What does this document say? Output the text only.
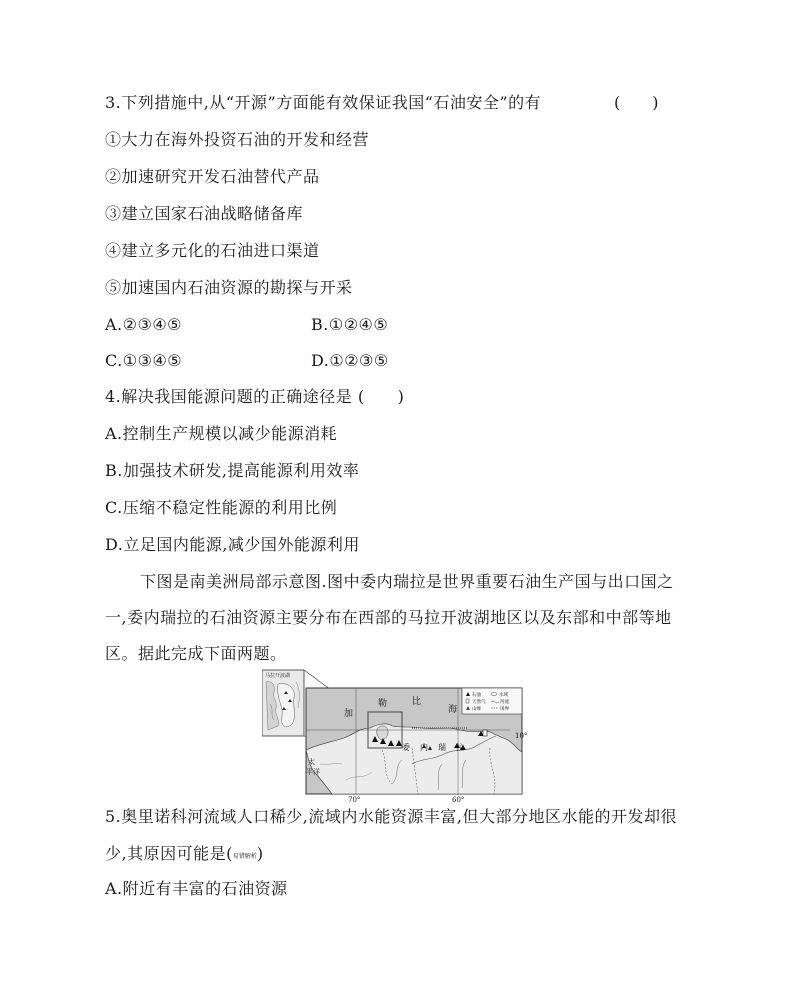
3.下列措施中,从“开源”方面能有效保证我国“石油安全”的有	(　　)
①大力在海外投资石油的开发和经营
②加速研究开发石油替代产品
③建立国家石油战略储备库
④建立多元化的石油进口渠道
⑤加速国内石油资源的勘探与开采
A.②③④⑤	B.①②④⑤
C.①③④⑤	D.①②③⑤
4.解决我国能源问题的正确途径是 (　　)
A.控制生产规模以减少能源消耗
B.加强技术研发,提高能源利用效率
C.压缩不稳定性能源的利用比例
D.立足国内能源,减少国外能源利用
下图是南美洲局部示意图.图中委内瑞拉是世界重要石油生产国与出口国之
一,委内瑞拉的石油资源主要分布在西部的马拉开波湖地区以及东部和中部等地
区。据此完成下面两题。
马拉开波湖
加
勒	比
海
委　内　瑞　拉
太
平洋
石油
天然气
山峰
水域
河流
国界
10°
70°	60°
5.奥里诺科河流域人口稀少,流域内水能资源丰富,但大部分地区水能的开发却很
少,其原因可能是(易错解析)
A.附近有丰富的石油资源
